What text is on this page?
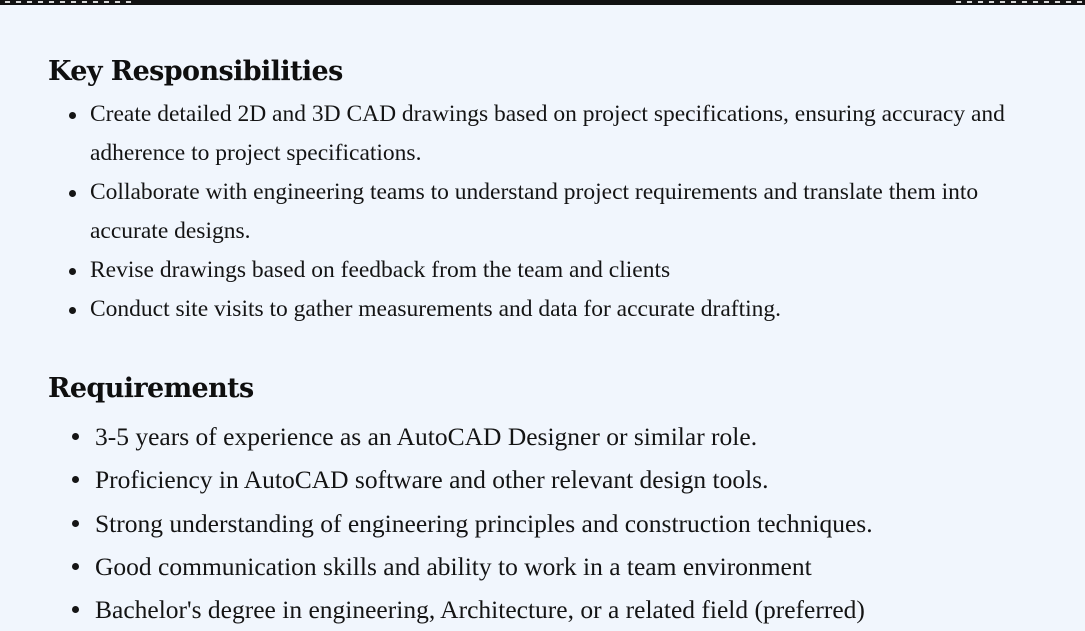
Key Responsibilities
Create detailed 2D and 3D CAD drawings based on project specifications, ensuring accuracy and adherence to project specifications.
Collaborate with engineering teams to understand project requirements and translate them into accurate designs.
Revise drawings based on feedback from the team and clients
Conduct site visits to gather measurements and data for accurate drafting.
Requirements
3-5 years of experience as an AutoCAD Designer or similar role.
Proficiency in AutoCAD software and other relevant design tools.
Strong understanding of engineering principles and construction techniques.
Good communication skills and ability to work in a team environment
Bachelor's degree in engineering, Architecture, or a related field (preferred)
